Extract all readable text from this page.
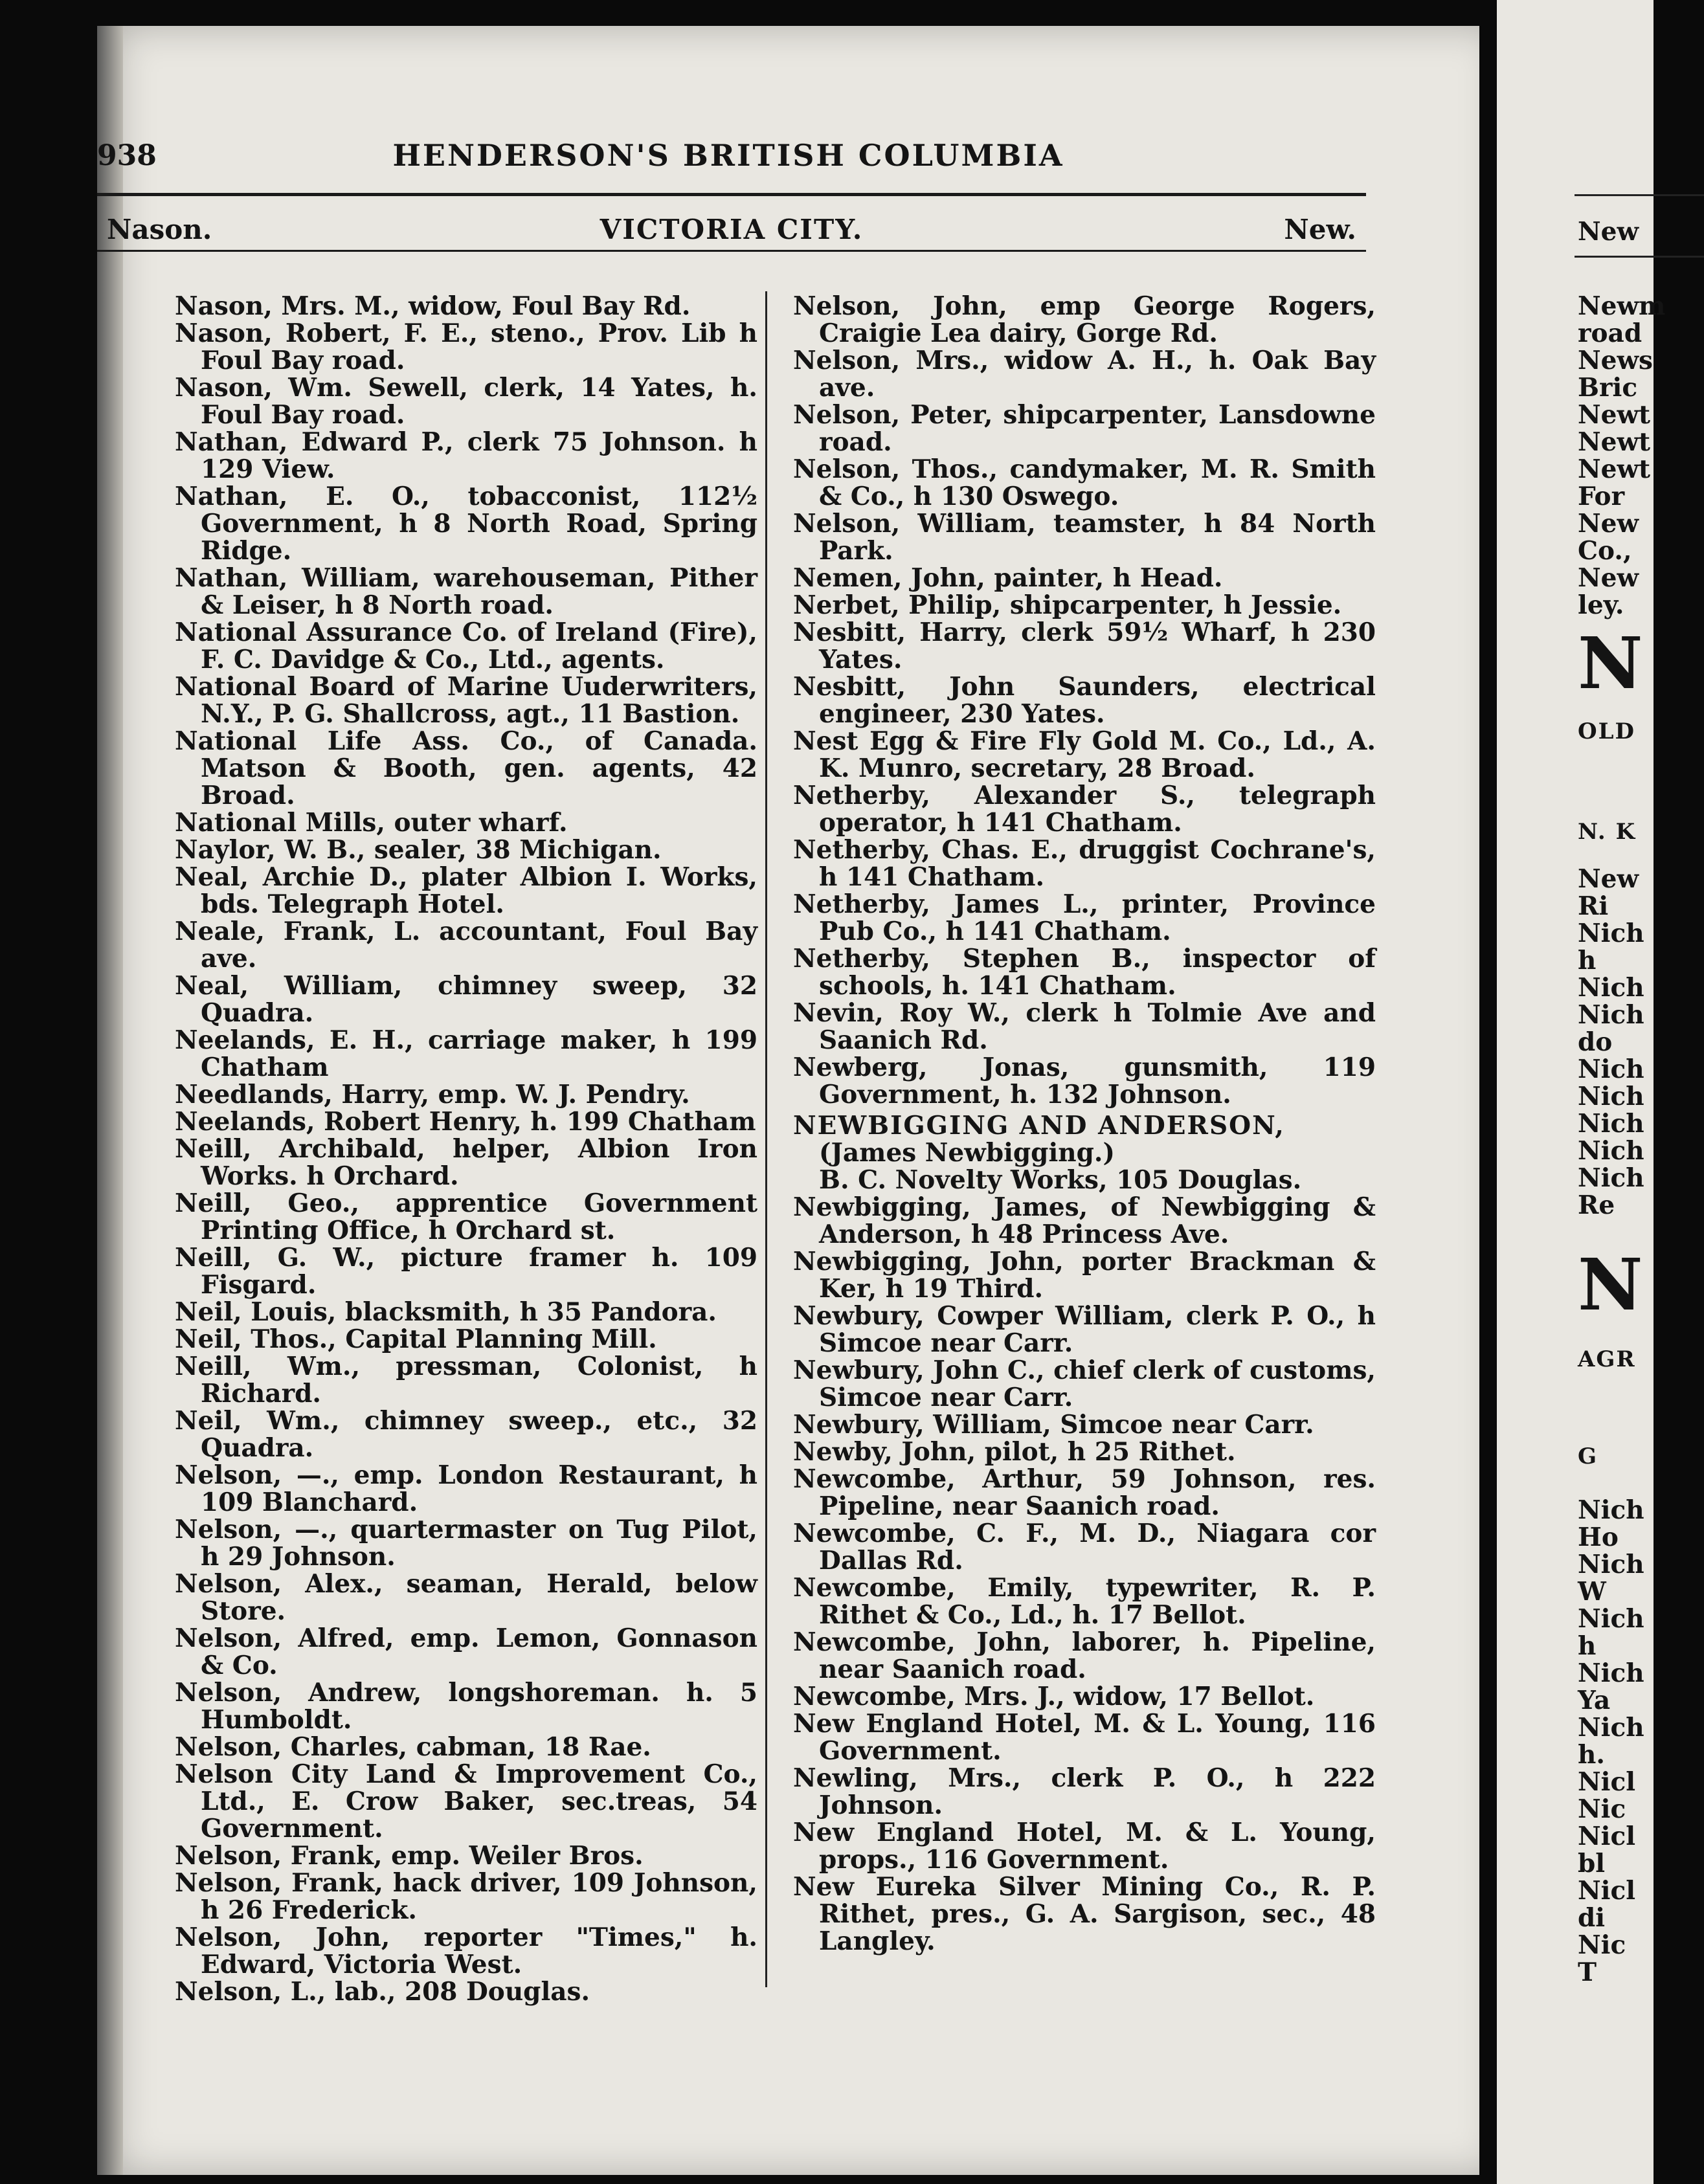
938	HENDERSON'S BRITISH COLUMBIA
Nason.	VICTORIA CITY.	New.

Nason, Mrs. M., widow, Foul Bay Rd.

Nason, Robert, F. E., steno., Prov. Lib h Foul Bay road.

Nason, Wm. Sewell, clerk, 14 Yates, h. Foul Bay road.

Nathan, Edward P., clerk 75 Johnson. h 129 View.

Nathan, E. O., tobacconist, 112½ Government, h 8 North Road, Spring Ridge.

Nathan, William, warehouseman, Pither & Leiser, h 8 North road.

National Assurance Co. of Ireland (Fire), F. C. Davidge & Co., Ltd., agents.

National Board of Marine Uuderwriters, N.Y., P. G. Shallcross, agt., 11 Bastion.

National Life Ass. Co., of Canada. Matson & Booth, gen. agents, 42 Broad.

National Mills, outer wharf.

Naylor, W. B., sealer, 38 Michigan.

Neal, Archie D., plater Albion I. Works, bds. Telegraph Hotel.

Neale, Frank, L. accountant, Foul Bay ave.

Neal, William, chimney sweep, 32 Quadra.

Neelands, E. H., carriage maker, h 199 Chatham

Needlands, Harry, emp. W. J. Pendry.

Neelands, Robert Henry, h. 199 Chatham

Neill, Archibald, helper, Albion Iron Works. h Orchard.

Neill, Geo., apprentice Government Printing Office, h Orchard st.

Neill, G. W., picture framer h. 109 Fisgard.

Neil, Louis, blacksmith, h 35 Pandora.

Neil, Thos., Capital Planning Mill.

Neill, Wm., pressman, Colonist, h Richard.

Neil, Wm., chimney sweep., etc., 32 Quadra.

Nelson, —., emp. London Restaurant, h 109 Blanchard.

Nelson, —., quartermaster on Tug Pilot, h 29 Johnson.

Nelson, Alex., seaman, Herald, below Store.

Nelson, Alfred, emp. Lemon, Gonnason & Co.

Nelson, Andrew, longshoreman. h. 5 Humboldt.

Nelson, Charles, cabman, 18 Rae.

Nelson City Land & Improvement Co., Ltd., E. Crow Baker, sec.treas, 54 Government.

Nelson, Frank, emp. Weiler Bros.

Nelson, Frank, hack driver, 109 Johnson, h 26 Frederick.

Nelson, John, reporter "Times," h. Edward, Victoria West.

Nelson, L., lab., 208 Douglas.

Nelson, John, emp George Rogers, Craigie Lea dairy, Gorge Rd.

Nelson, Mrs., widow A. H., h. Oak Bay ave.

Nelson, Peter, shipcarpenter, Lansdowne road.

Nelson, Thos., candymaker, M. R. Smith & Co., h 130 Oswego.

Nelson, William, teamster, h 84 North Park.

Nemen, John, painter, h Head.

Nerbet, Philip, shipcarpenter, h Jessie.

Nesbitt, Harry, clerk 59½ Wharf, h 230 Yates.

Nesbitt, John Saunders, electrical engineer, 230 Yates.

Nest Egg & Fire Fly Gold M. Co., Ld., A. K. Munro, secretary, 28 Broad.

Netherby, Alexander S., telegraph operator, h 141 Chatham.

Netherby, Chas. E., druggist Cochrane's, h 141 Chatham.

Netherby, James L., printer, Province Pub Co., h 141 Chatham.

Netherby, Stephen B., inspector of schools, h. 141 Chatham.

Nevin, Roy W., clerk h Tolmie Ave and Saanich Rd.

Newberg, Jonas, gunsmith, 119 Government, h. 132 Johnson.

NEWBIGGING AND ANDERSON,

(James Newbigging.)

B. C. Novelty Works, 105 Douglas.

Newbigging, James, of Newbigging & Anderson, h 48 Princess Ave.

Newbigging, John, porter Brackman & Ker, h 19 Third.

Newbury, Cowper William, clerk P. O., h Simcoe near Carr.

Newbury, John C., chief clerk of customs, Simcoe near Carr.

Newbury, William, Simcoe near Carr.

Newby, John, pilot, h 25 Rithet.

Newcombe, Arthur, 59 Johnson, res. Pipeline, near Saanich road.

Newcombe, C. F., M. D., Niagara cor Dallas Rd.

Newcombe, Emily, typewriter, R. P. Rithet & Co., Ld., h. 17 Bellot.

Newcombe, John, laborer, h. Pipeline, near Saanich road.

Newcombe, Mrs. J., widow, 17 Bellot.

New England Hotel, M. & L. Young, 116 Government.

Newling, Mrs., clerk P. O., h 222 Johnson.

New England Hotel, M. & L. Young, props., 116 Government.

New Eureka Silver Mining Co., R. P. Rithet, pres., G. A. Sargison, sec., 48 Langley.

New
Newm
road
News
Bric
Newt
Newt
Newt
For
New
Co.,
New
ley.
N
OLD
N. K
New
Ri
Nich
h
Nich
Nich
do
Nich
Nich
Nich
Nich
Nich
Re
N
AGR
G
Nich
Ho
Nich
W
Nich
h
Nich
Ya
Nich
h.
Nicl
Nic
Nicl
bl
Nicl
di
Nic
T
